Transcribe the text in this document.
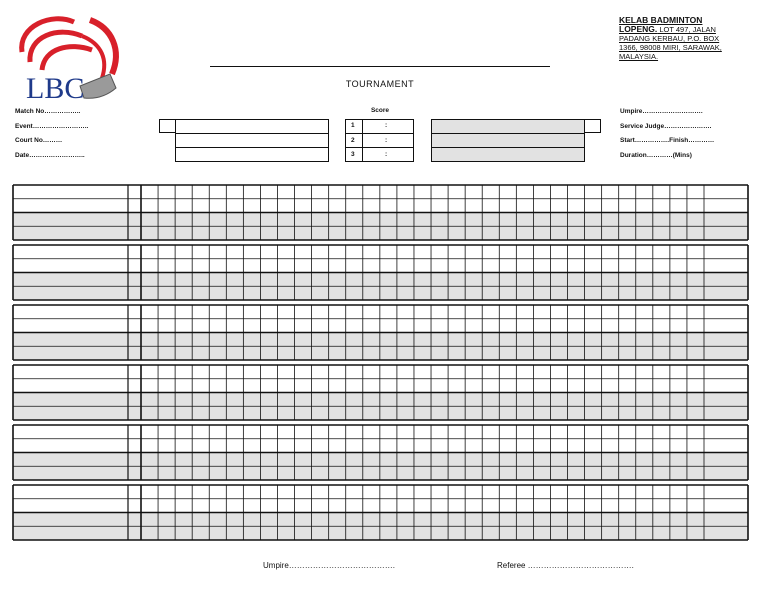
LBC
KELAB BADMINTON
LOPENG. LOT 497, JALAN
PADANG KERBAU, P.O. BOX
1366, 98008 MIRI, SARAWAK,
MALAYSIA.
TOURNAMENT
Match No……………..
Event……………………..
Court No………
Date……………………..
Score
1	:
2	:
3	:
Umpire……………………….
Service Judge………………….
Start…………….Finish…………
Duration…………(Mins)
Umpire………………………………….	Referee ………………………………….
